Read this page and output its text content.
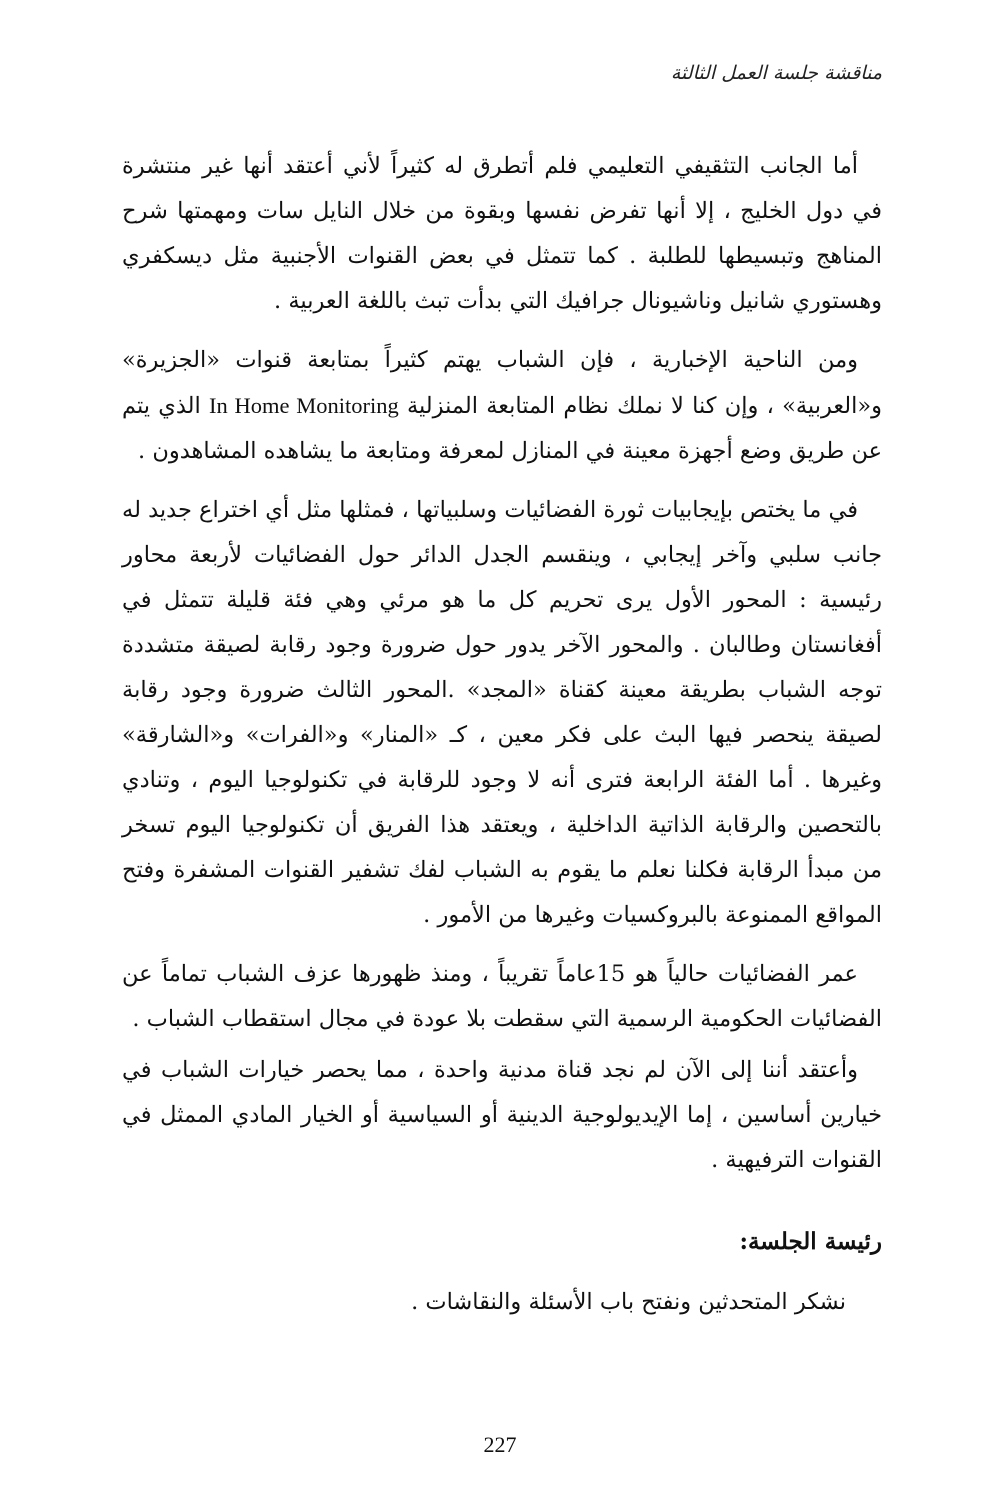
مناقشة جلسة العمل الثالثة

أما الجانب التثقيفي التعليمي فلم أتطرق له كثيراً لأني أعتقد أنها غير منتشرة في دول الخليج ، إلا أنها تفرض نفسها وبقوة من خلال النايل سات ومهمتها شرح المناهج وتبسيطها للطلبة . كما تتمثل في بعض القنوات الأجنبية مثل ديسكفري وهستوري شانيل وناشيونال جرافيك التي بدأت تبث باللغة العربية .

ومن الناحية الإخبارية ، فإن الشباب يهتم كثيراً بمتابعة قنوات «الجزيرة» و«العربية» ، وإن كنا لا نملك نظام المتابعة المنزلية In Home Monitoring الذي يتم عن طريق وضع أجهزة معينة في المنازل لمعرفة ومتابعة ما يشاهده المشاهدون .

في ما يختص بإيجابيات ثورة الفضائيات وسلبياتها ، فمثلها مثل أي اختراع جديد له جانب سلبي وآخر إيجابي ، وينقسم الجدل الدائر حول الفضائيات لأربعة محاور رئيسية : المحور الأول يرى تحريم كل ما هو مرئي وهي فئة قليلة تتمثل في أفغانستان وطالبان . والمحور الآخر يدور حول ضرورة وجود رقابة لصيقة متشددة توجه الشباب بطريقة معينة كقناة «المجد» .المحور الثالث ضرورة وجود رقابة لصيقة ينحصر فيها البث على فكر معين ، كـ «المنار» و«الفرات» و«الشارقة» وغيرها . أما الفئة الرابعة فترى أنه لا وجود للرقابة في تكنولوجيا اليوم ، وتنادي بالتحصين والرقابة الذاتية الداخلية ، ويعتقد هذا الفريق أن تكنولوجيا اليوم تسخر من مبدأ الرقابة فكلنا نعلم ما يقوم به الشباب لفك تشفير القنوات المشفرة وفتح المواقع الممنوعة بالبروكسيات وغيرها من الأمور .

عمر الفضائيات حالياً هو 15عاماً تقريباً ، ومنذ ظهورها عزف الشباب تماماً عن الفضائيات الحكومية الرسمية التي سقطت بلا عودة في مجال استقطاب الشباب .

وأعتقد أننا إلى الآن لم نجد قناة مدنية واحدة ، مما يحصر خيارات الشباب في خيارين أساسين ، إما الإيديولوجية الدينية أو السياسية أو الخيار المادي الممثل في القنوات الترفيهية .

رئيسة الجلسة:

نشكر المتحدثين ونفتح باب الأسئلة والنقاشات .

227
